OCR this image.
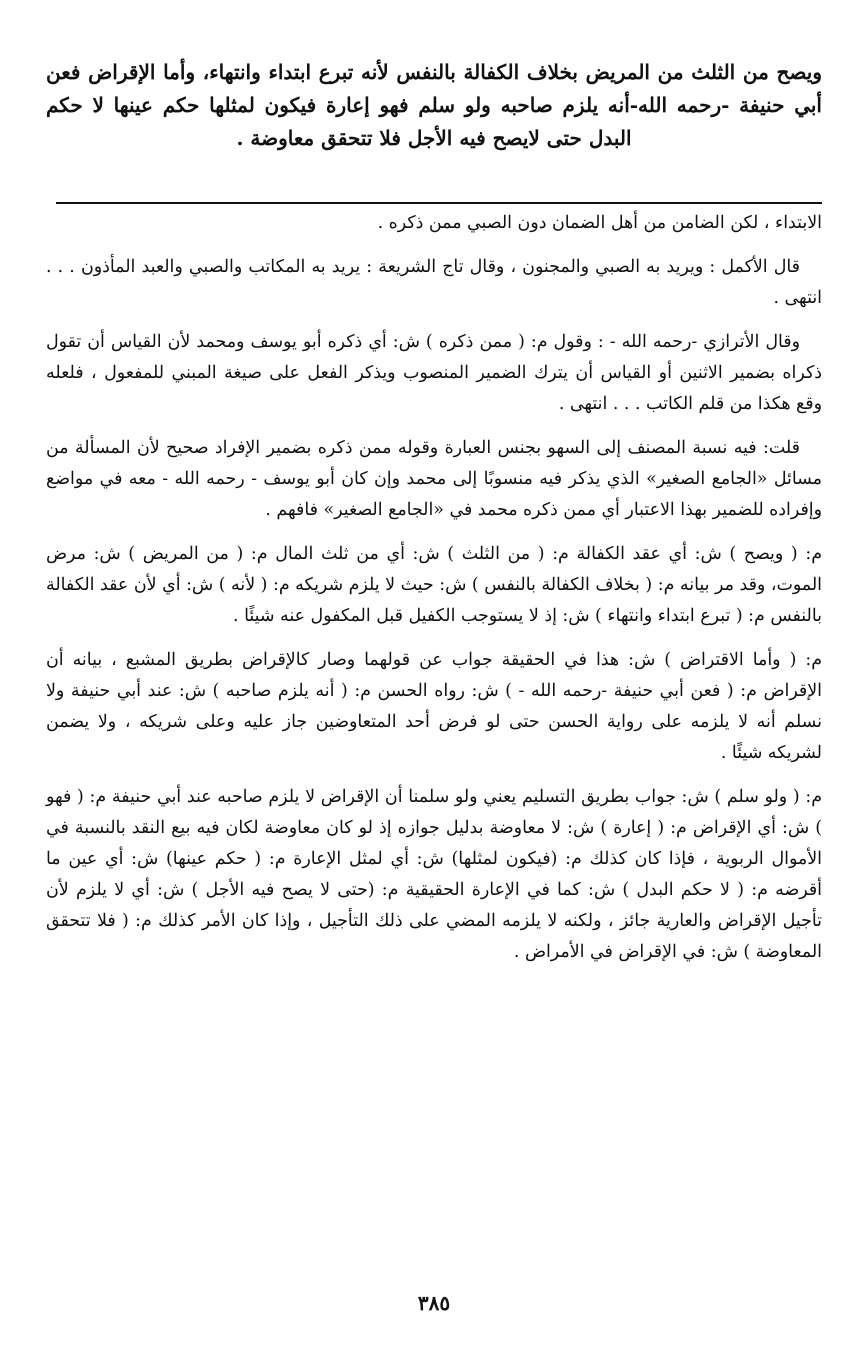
ويصح من الثلث من المريض بخلاف الكفالة بالنفس لأنه تبرع ابتداء وانتهاء، وأما الإقراض فعن أبي حنيفة -رحمه الله-أنه يلزم صاحبه ولو سلم فهو إعارة فيكون لمثلها حكم عينها لا حكم البدل حتى لايصح فيه الأجل فلا تتحقق معاوضة .

الابتداء ، لكن الضامن من أهل الضمان دون الصبي ممن ذكره .

قال الأكمل : ويريد به الصبي والمجنون ، وقال تاج الشريعة : يريد به المكاتب والصبي والعبد المأذون . . . انتهى .

وقال الأترازي -رحمه الله - : وقول م: ( ممن ذكره ) ش: أي ذكره أبو يوسف ومحمد لأن القياس أن تقول ذكراه بضمير الاثنين أو القياس أن يترك الضمير المنصوب ويذكر الفعل على صيغة المبني للمفعول ، فلعله وقع هكذا من قلم الكاتب . . . انتهى .

قلت: فيه نسبة المصنف إلى السهو بجنس العبارة وقوله ممن ذكره بضمير الإفراد صحيح لأن المسألة من مسائل «الجامع الصغير» الذي يذكر فيه منسوبًا إلى محمد وإن كان أبو يوسف - رحمه الله - معه في مواضع وإفراده للضمير بهذا الاعتبار أي ممن ذكره محمد في «الجامع الصغير» فافهم .

م: ( ويصح ) ش: أي عقد الكفالة م: ( من الثلث ) ش: أي من ثلث المال م: ( من المريض ) ش: مرض الموت، وقد مر بيانه م: ( بخلاف الكفالة بالنفس ) ش: حيث لا يلزم شريكه م: ( لأنه ) ش: أي لأن عقد الكفالة بالنفس م: ( تبرع ابتداء وانتهاء ) ش: إذ لا يستوجب الكفيل قبل المكفول عنه شيئًا .

م: ( وأما الاقتراض ) ش: هذا في الحقيقة جواب عن قولهما وصار كالإقراض بطريق المشبع ، بيانه أن الإقراض م: ( فعن أبي حنيفة -رحمه الله - ) ش: رواه الحسن م: ( أنه يلزم صاحبه ) ش: عند أبي حنيفة ولا نسلم أنه لا يلزمه على رواية الحسن حتى لو فرض أحد المتعاوضين جاز عليه وعلى شريكه ، ولا يضمن لشريكه شيئًا .

م: ( ولو سلم ) ش: جواب بطريق التسليم يعني ولو سلمنا أن الإقراض لا يلزم صاحبه عند أبي حنيفة م: ( فهو ) ش: أي الإقراض م: ( إعارة ) ش: لا معاوضة بدليل جوازه إذ لو كان معاوضة لكان فيه بيع النقد بالنسبة في الأموال الربوية ، فإذا كان كذلك م: (فيكون لمثلها) ش: أي لمثل الإعارة م: ( حكم عينها) ش: أي عين ما أقرضه م: ( لا حكم البدل ) ش: كما في الإعارة الحقيقية م: (حتى لا يصح فيه الأجل ) ش: أي لا يلزم لأن تأجيل الإقراض والعارية جائز ، ولكنه لا يلزمه المضي على ذلك التأجيل ، وإذا كان الأمر كذلك م: ( فلا تتحقق المعاوضة ) ش: في الإقراض في الأمراض .

٣٨٥
